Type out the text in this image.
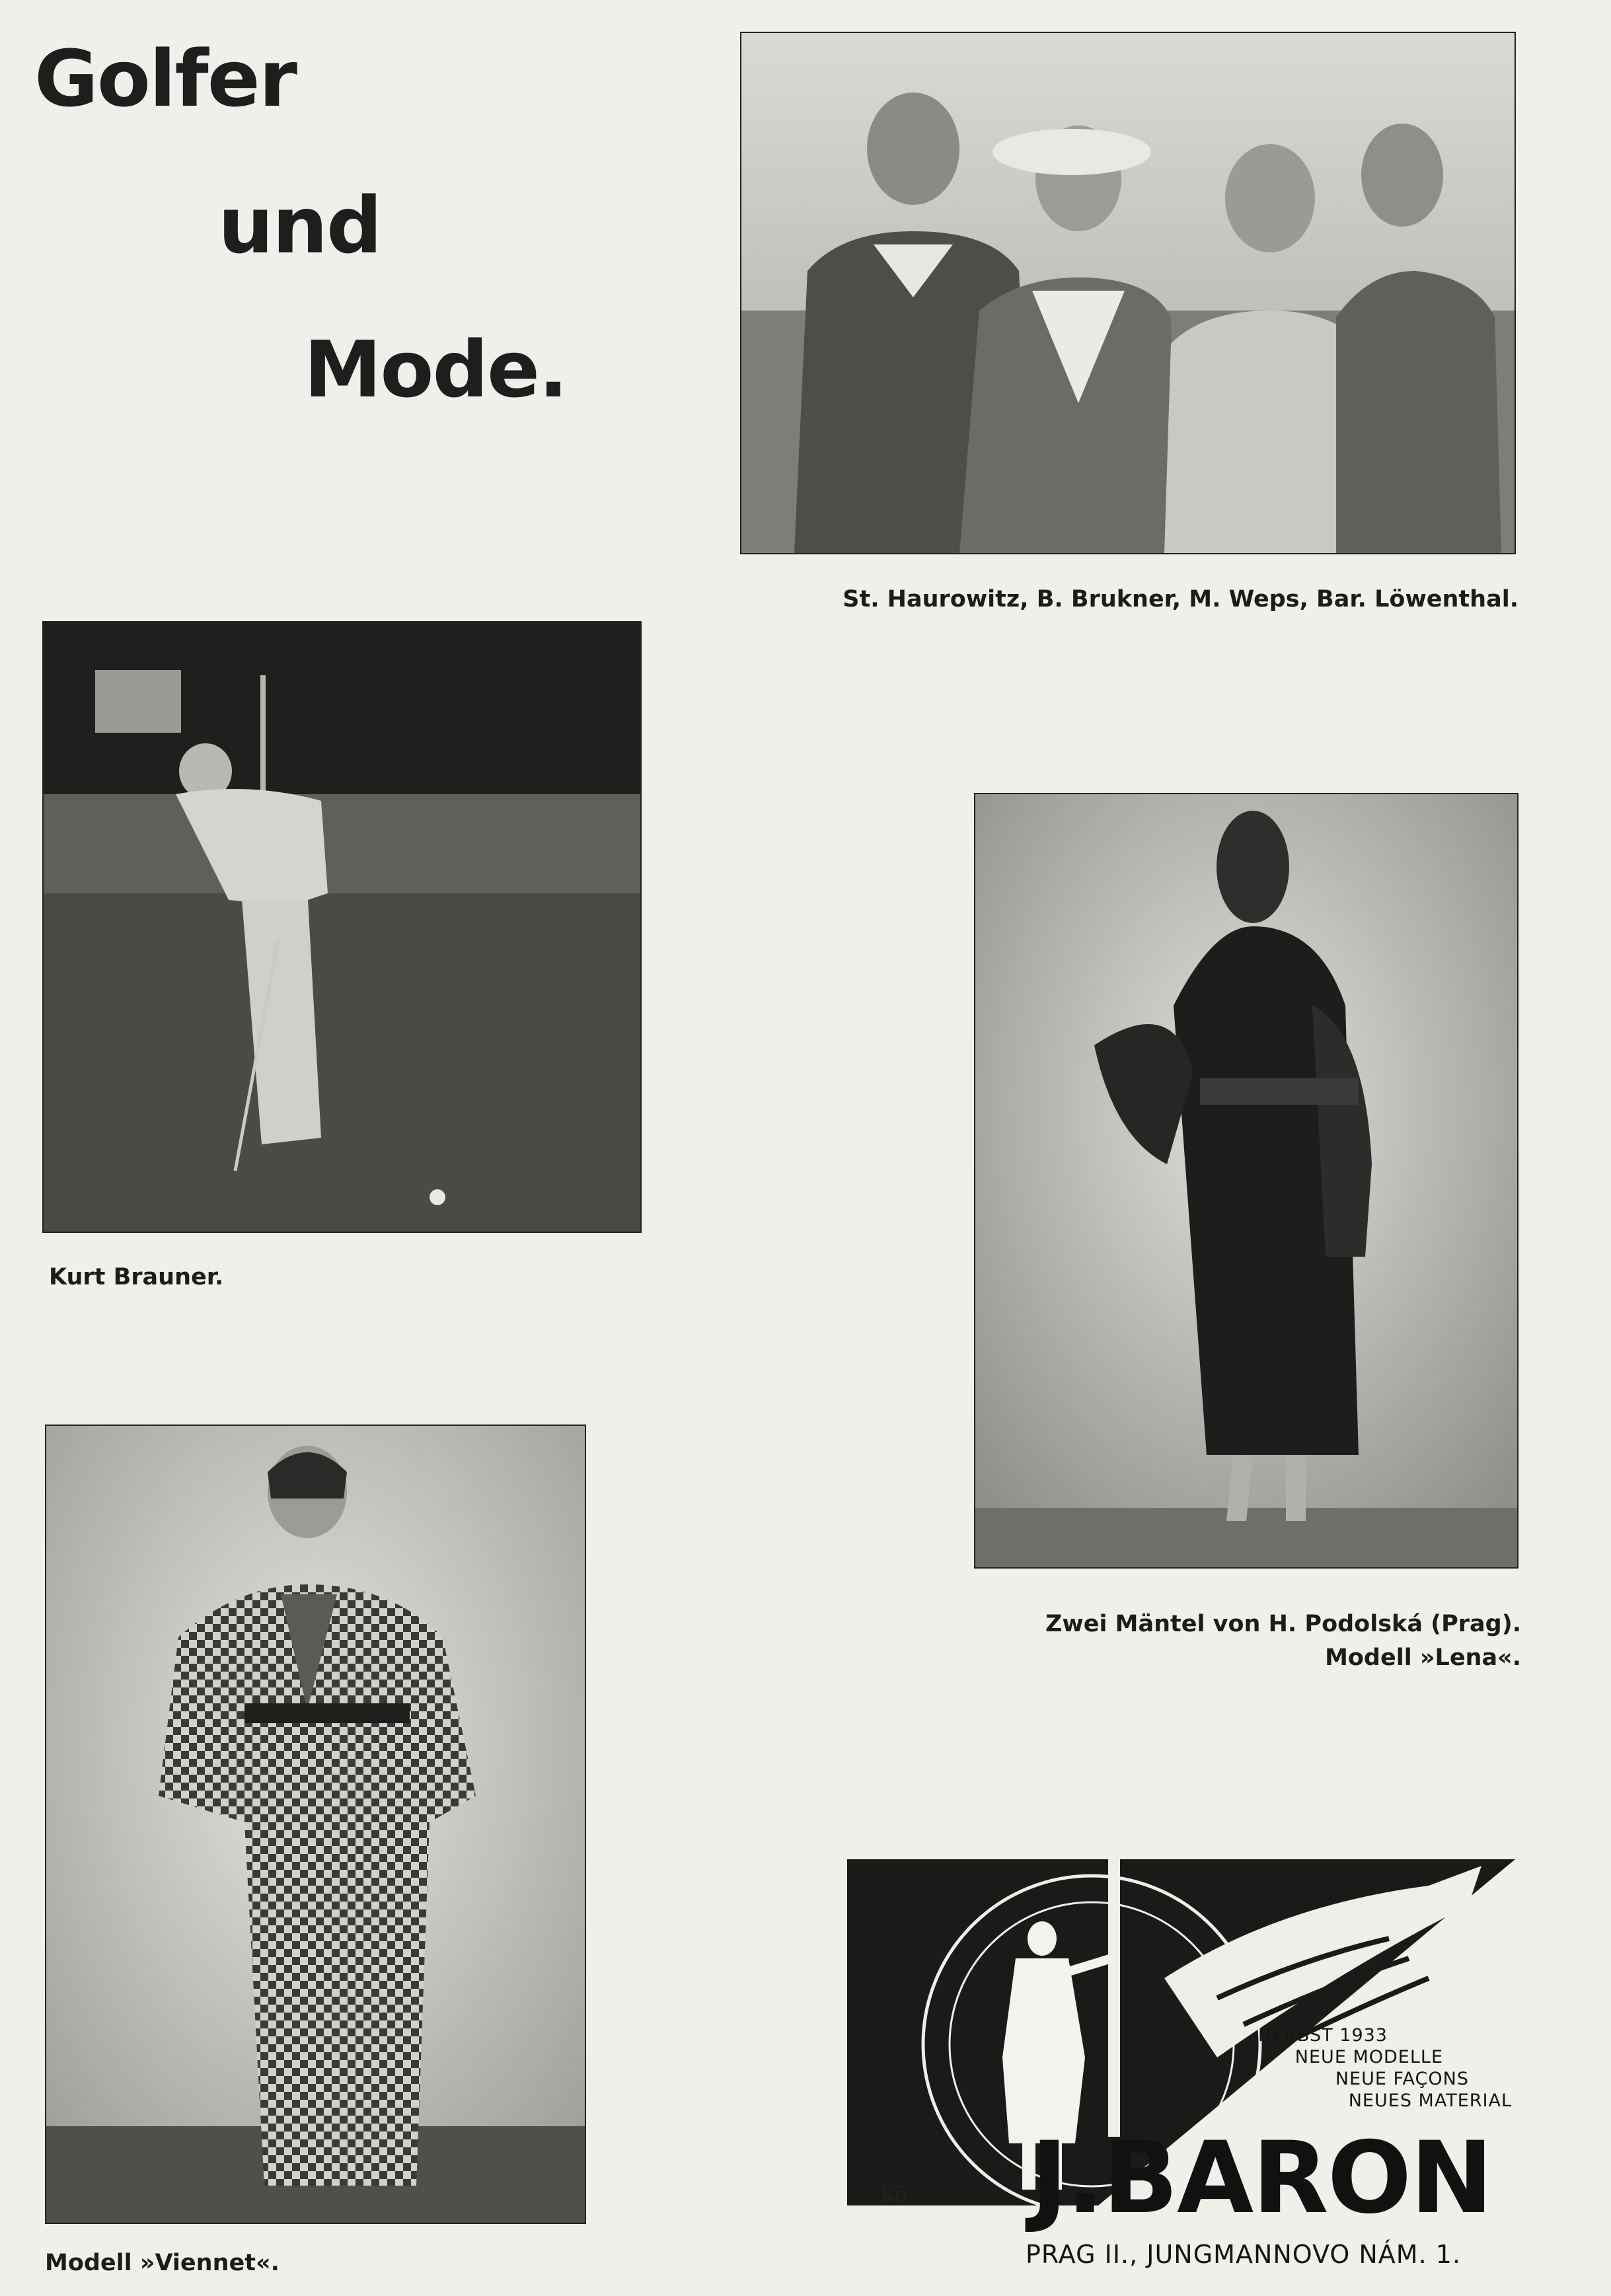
Golfer
und
Mode.
St. Haurowitz, B. Brukner, M. Weps, Bar. Löwenthal.
Kurt Brauner.
Zwei Mäntel von H. Podolská (Prag).
Modell »Lena«.
Modell »Viennet«.
HERBST 1933
NEUE MODELLE
NEUE FAÇONS
NEUES MATERIAL
J.BARON
PRAG II., JUNGMANNOVO NÁM. 1.
Kö
